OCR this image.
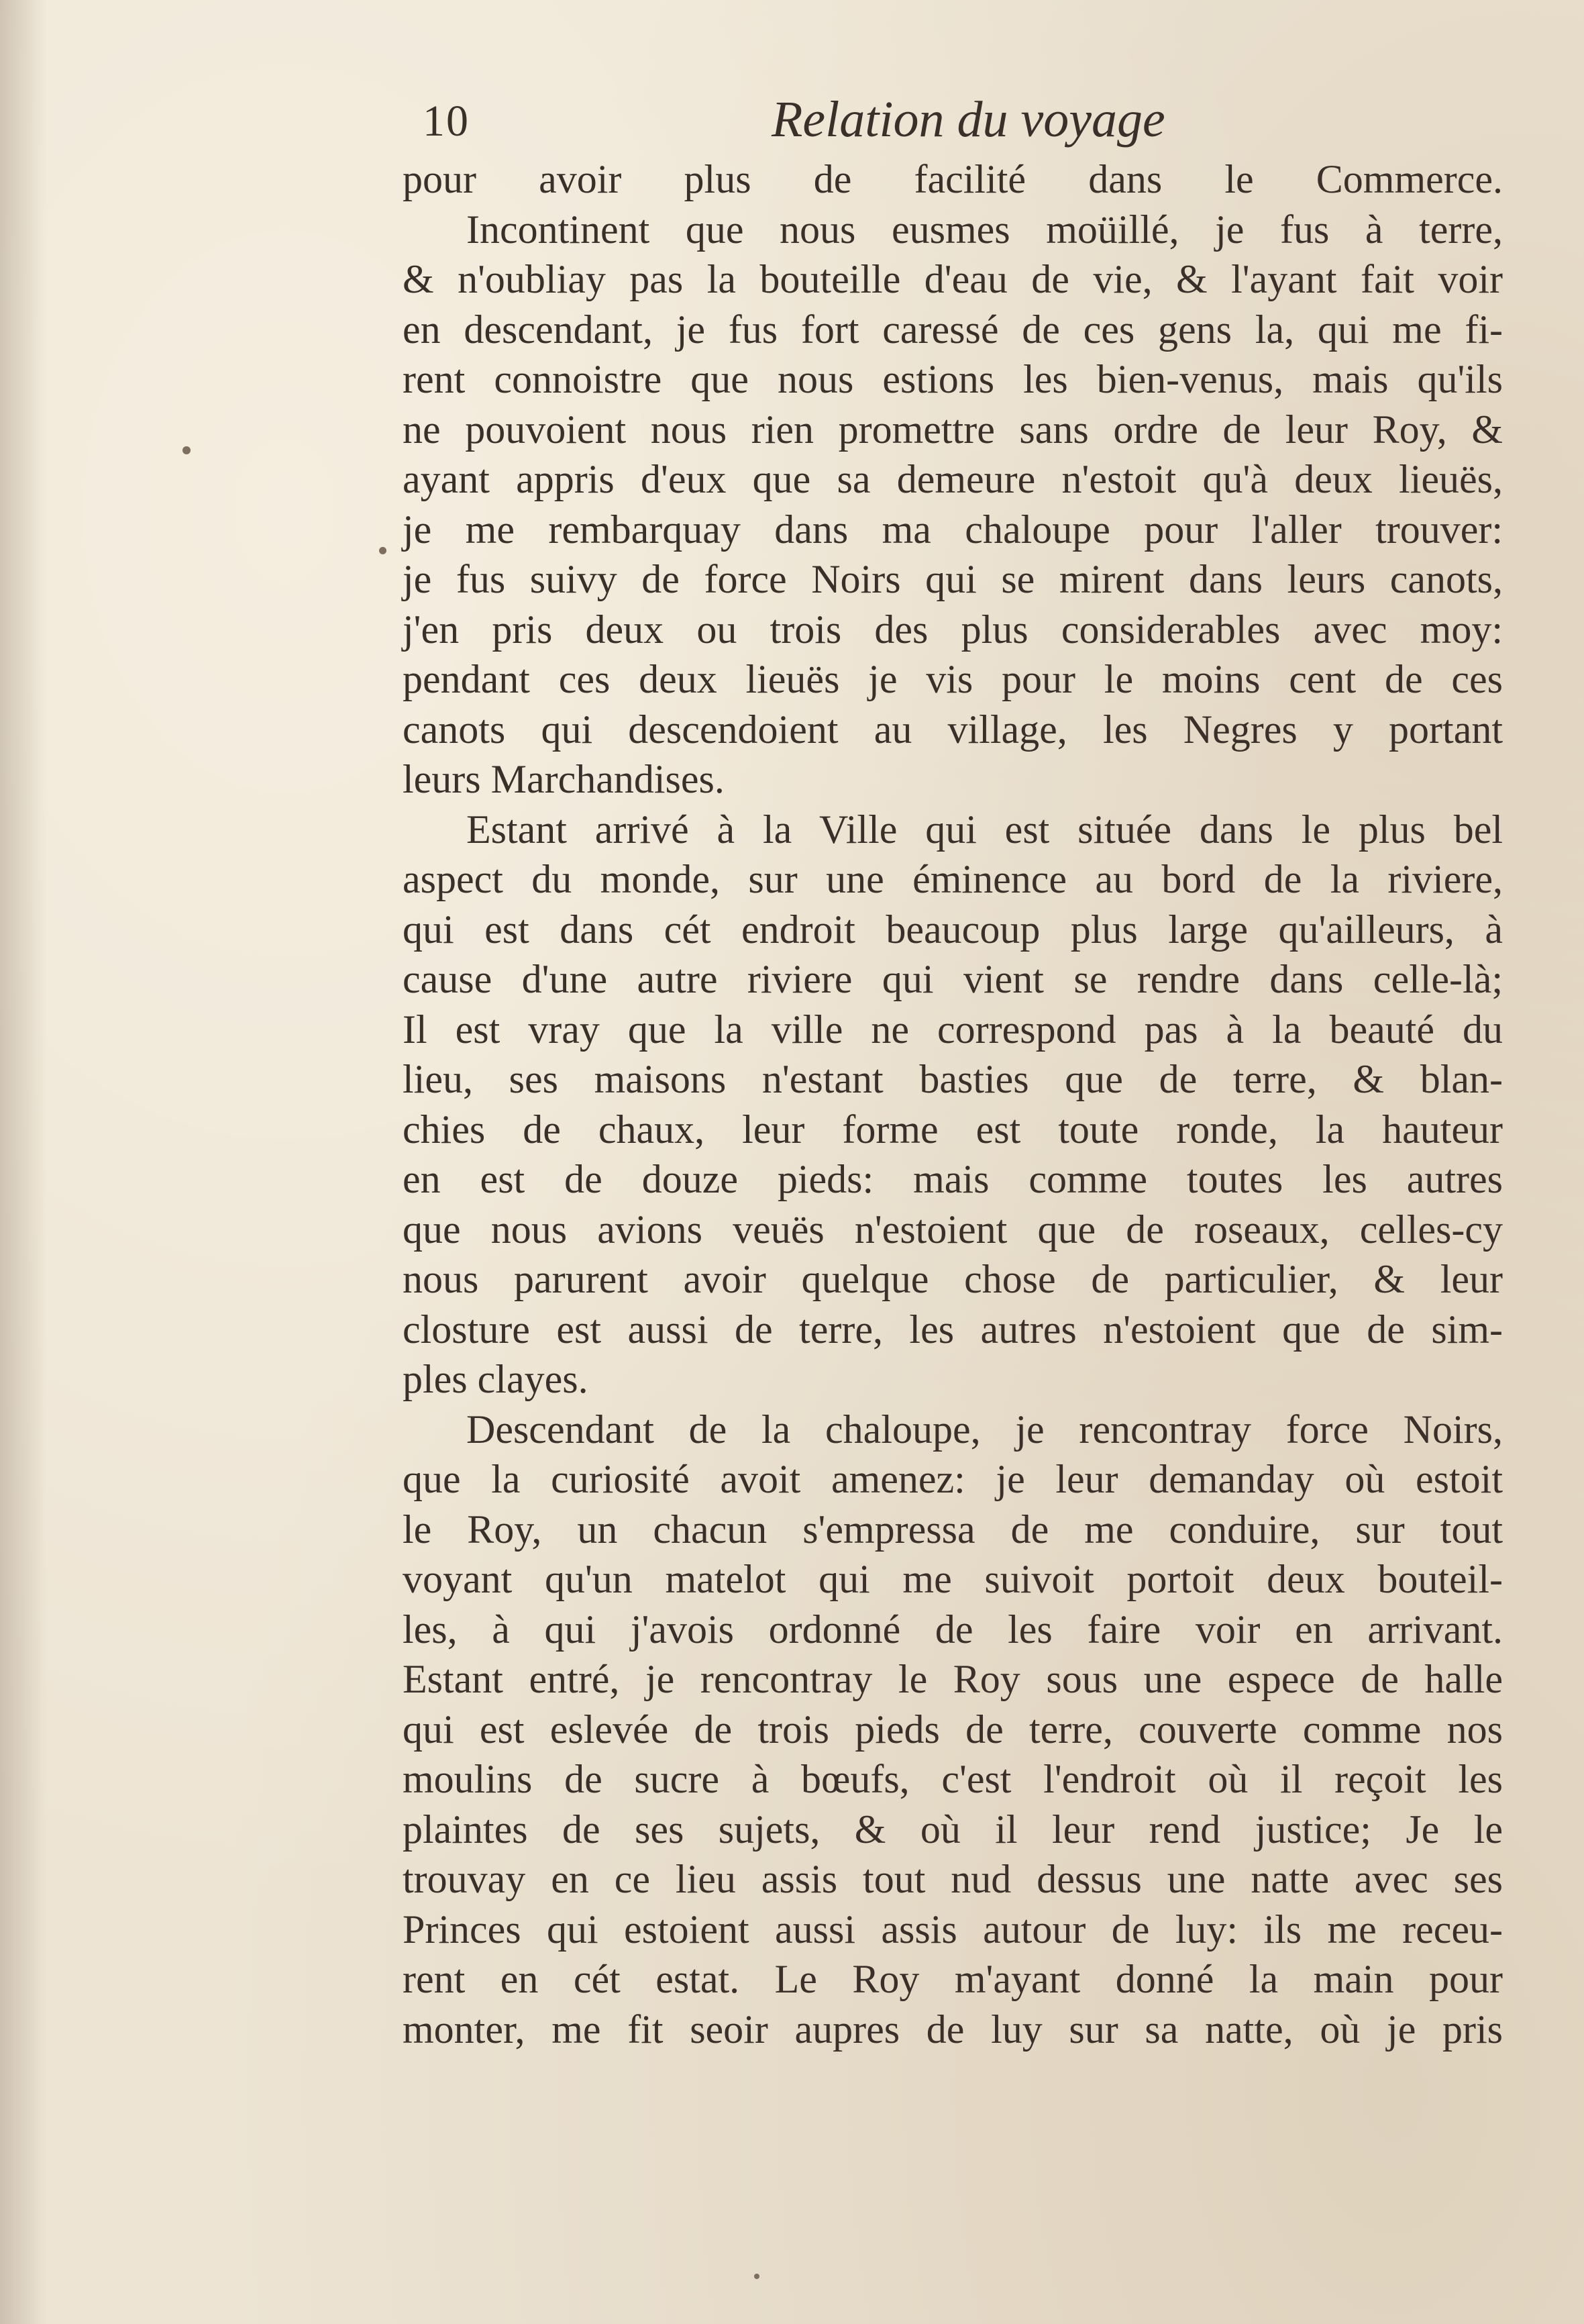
10	Relation du voyage
pour avoir plus de facilité dans le Commerce.
Incontinent que nous eusmes moüillé, je fus à terre,
& n'oubliay pas la bouteille d'eau de vie, & l'ayant fait voir
en descendant, je fus fort caressé de ces gens la, qui me fi-
rent connoistre que nous estions les bien-venus, mais qu'ils
ne pouvoient nous rien promettre sans ordre de leur Roy, &
ayant appris d'eux que sa demeure n'estoit qu'à deux lieuës,
je me rembarquay dans ma chaloupe pour l'aller trouver:
je fus suivy de force Noirs qui se mirent dans leurs canots,
j'en pris deux ou trois des plus considerables avec moy:
pendant ces deux lieuës je vis pour le moins cent de ces
canots qui descendoient au village, les Negres y portant
leurs Marchandises.
Estant arrivé à la Ville qui est située dans le plus bel
aspect du monde, sur une éminence au bord de la riviere,
qui est dans cét endroit beaucoup plus large qu'ailleurs, à
cause d'une autre riviere qui vient se rendre dans celle-là;
Il est vray que la ville ne correspond pas à la beauté du
lieu, ses maisons n'estant basties que de terre, & blan-
chies de chaux, leur forme est toute ronde, la hauteur
en est de douze pieds: mais comme toutes les autres
que nous avions veuës n'estoient que de roseaux, celles-cy
nous parurent avoir quelque chose de particulier, & leur
closture est aussi de terre, les autres n'estoient que de sim-
ples clayes.
Descendant de la chaloupe, je rencontray force Noirs,
que la curiosité avoit amenez: je leur demanday où estoit
le Roy, un chacun s'empressa de me conduire, sur tout
voyant qu'un matelot qui me suivoit portoit deux bouteil-
les, à qui j'avois ordonné de les faire voir en arrivant.
Estant entré, je rencontray le Roy sous une espece de halle
qui est eslevée de trois pieds de terre, couverte comme nos
moulins de sucre à bœufs, c'est l'endroit où il reçoit les
plaintes de ses sujets, & où il leur rend justice; Je le
trouvay en ce lieu assis tout nud dessus une natte avec ses
Princes qui estoient aussi assis autour de luy: ils me receu-
rent en cét estat. Le Roy m'ayant donné la main pour
monter, me fit seoir aupres de luy sur sa natte, où je pris
